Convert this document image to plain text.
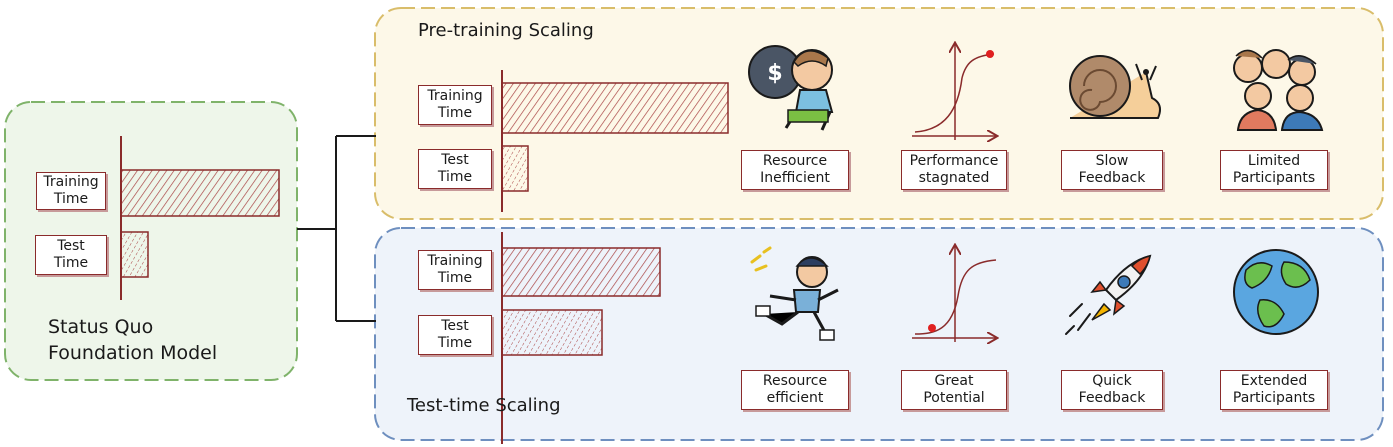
$
Status Quo
Foundation Model
Pre-training Scaling
Test-time Scaling
Training
Time
Test
Time
Training
Time
Test
Time
Training
Time
Test
Time
Resource
Inefficient
Performance
stagnated
Slow
Feedback
Limited
Participants
Resource
efficient
Great
Potential
Quick
Feedback
Extended
Participants
